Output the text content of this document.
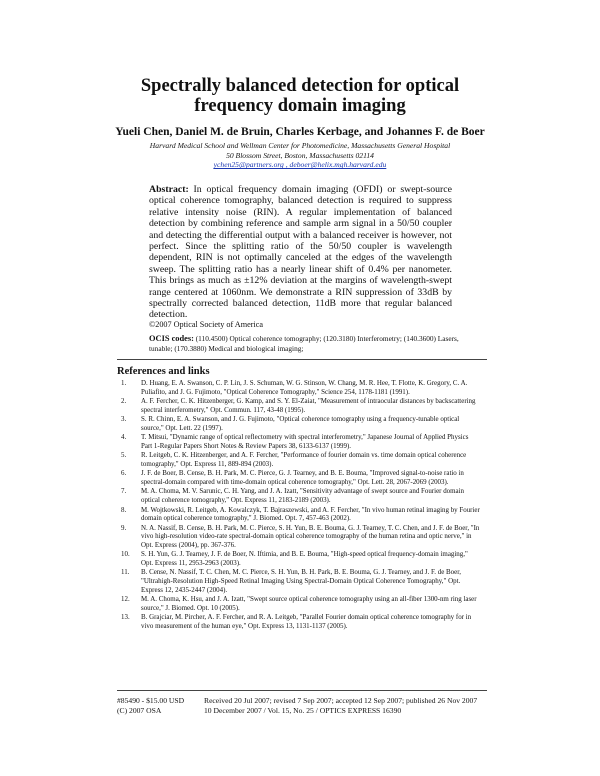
Spectrally balanced detection for optical
frequency domain imaging
Yueli Chen, Daniel M. de Bruin, Charles Kerbage, and Johannes F. de Boer
Harvard Medical School and Wellman Center for Photomedicine, Massachusetts General Hospital
50 Blossom Street, Boston, Massachusetts 02114
ychen25@partners.org , deboer@helix.mgh.harvard.edu
Abstract: In optical frequency domain imaging (OFDI) or swept-source optical coherence tomography, balanced detection is required to suppress relative intensity noise (RIN). A regular implementation of balanced detection by combining reference and sample arm signal in a 50/50 coupler and detecting the differential output with a balanced receiver is however, not perfect. Since the splitting ratio of the 50/50 coupler is wavelength dependent, RIN is not optimally canceled at the edges of the wavelength sweep. The splitting ratio has a nearly linear shift of 0.4% per nanometer. This brings as much as ±12% deviation at the margins of wavelength-swept range centered at 1060nm. We demonstrate a RIN suppression of 33dB by spectrally corrected balanced detection, 11dB more that regular balanced detection.
©2007 Optical Society of America
OCIS codes: (110.4500) Optical coherence tomography; (120.3180) Interferometry; (140.3600) Lasers, tunable; (170.3880) Medical and biological imaging;
References and links
1.	D. Huang, E. A. Swanson, C. P. Lin, J. S. Schuman, W. G. Stinson, W. Chang, M. R. Hee, T. Flotte, K. Gregory, C. A. Puliafito, and J. G. Fujimoto, "Optical Coherence Tomography," Science 254, 1178-1181 (1991).
2.	A. F. Fercher, C. K. Hitzenberger, G. Kamp, and S. Y. El-Zaiat, "Measurement of intraocular distances by backscattering spectral interferometry," Opt. Commun. 117, 43-48 (1995).
3.	S. R. Chinn, E. A. Swanson, and J. G. Fujimoto, "Optical coherence tomography using a frequency-tunable optical source," Opt. Lett. 22 (1997).
4.	T. Mitsui, "Dynamic range of optical reflectometry with spectral interferometry," Japanese Journal of Applied Physics Part 1-Regular Papers Short Notes & Review Papers 38, 6133-6137 (1999).
5.	R. Leitgeb, C. K. Hitzenberger, and A. F. Fercher, "Performance of fourier domain vs. time domain optical coherence tomography," Opt. Express 11, 889-894 (2003).
6.	J. F. de Boer, B. Cense, B. H. Park, M. C. Pierce, G. J. Tearney, and B. E. Bouma, "Improved signal-to-noise ratio in spectral-domain compared with time-domain optical coherence tomography," Opt. Lett. 28, 2067-2069 (2003).
7.	M. A. Choma, M. V. Sarunic, C. H. Yang, and J. A. Izatt, "Sensitivity advantage of swept source and Fourier domain optical coherence tomography," Opt. Express 11, 2183-2189 (2003).
8.	M. Wojtkowski, R. Leitgeb, A. Kowalczyk, T. Bajraszewski, and A. F. Fercher, "In vivo human retinal imaging by Fourier domain optical coherence tomography," J. Biomed. Opt. 7, 457-463 (2002).
9.	N. A. Nassif, B. Cense, B. H. Park, M. C. Pierce, S. H. Yun, B. E. Bouma, G. J. Tearney, T. C. Chen, and J. F. de Boer, "In vivo high-resolution video-rate spectral-domain optical coherence tomography of the human retina and optic nerve," in Opt. Express (2004), pp. 367-376.
10.	S. H. Yun, G. J. Tearney, J. F. de Boer, N. Iftimia, and B. E. Bouma, "High-speed optical frequency-domain imaging," Opt. Express 11, 2953-2963 (2003).
11.	B. Cense, N. Nassif, T. C. Chen, M. C. Pierce, S. H. Yun, B. H. Park, B. E. Bouma, G. J. Tearney, and J. F. de Boer, "Ultrahigh-Resolution High-Speed Retinal Imaging Using Spectral-Domain Optical Coherence Tomography," Opt. Express 12, 2435-2447 (2004).
12.	M. A. Choma, K. Hsu, and J. A. Izatt, "Swept source optical coherence tomography using an all-fiber 1300-nm ring laser source," J. Biomed. Opt. 10 (2005).
13.	B. Grajciar, M. Pircher, A. F. Fercher, and R. A. Leitgeb, "Parallel Fourier domain optical coherence tomography for in vivo measurement of the human eye," Opt. Express 13, 1131-1137 (2005).
#85490 - $15.00 USD	Received 20 Jul 2007; revised 7 Sep 2007; accepted 12 Sep 2007; published 26 Nov 2007
(C) 2007 OSA	10 December 2007 / Vol. 15, No. 25 / OPTICS EXPRESS 16390
